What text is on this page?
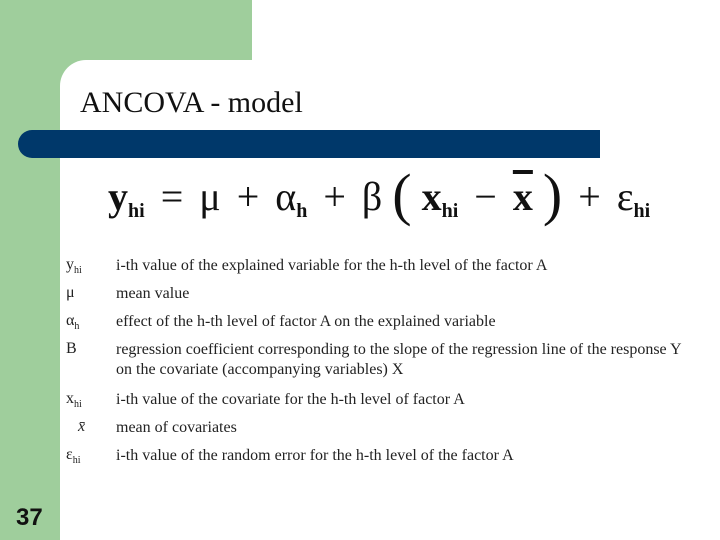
ANCOVA - model
$y_{hi} = \mu + \alpha_h + \beta$ ( $x_{hi} - \overline{x}$ ) + $\varepsilon_{hi}$
$y_{hi}$	i-th value of the explained variable for the h-th level of the factor A
μ	mean value
$\alpha_h$	effect of the h-th level of factor A on the explained variable
B	regression coefficient corresponding to the slope of the regression line of the response Y on the covariate (accompanying variables) X
$x_{hi}$	i-th value of the covariate for the h-th level of factor A
x̄	mean of covariates
$\varepsilon_{hi}$	i-th value of the random error for the h-th level of the factor A
37
